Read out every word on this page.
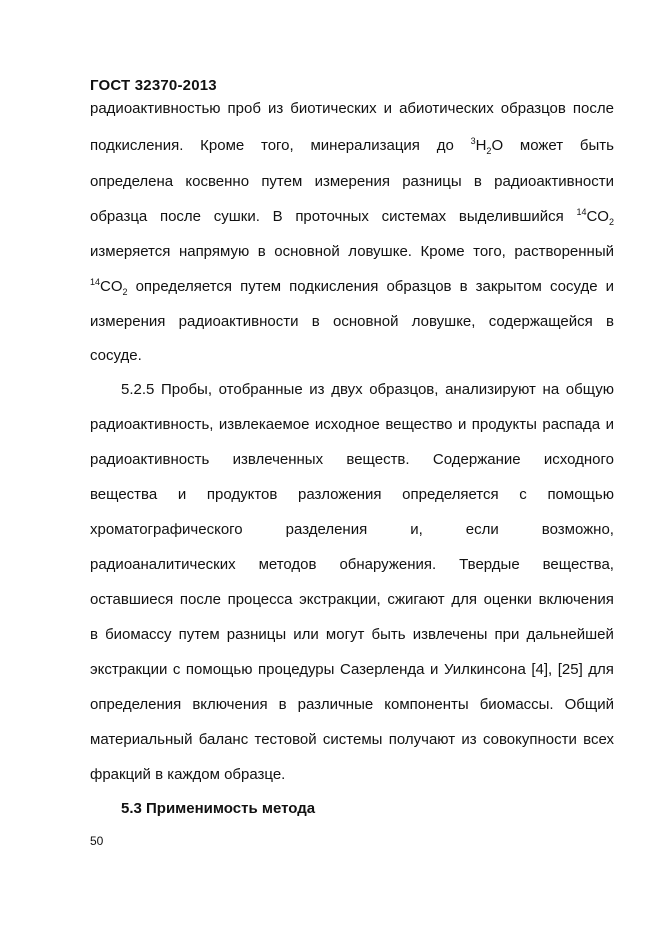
ГОСТ 32370-2013
радиоактивностью проб из биотических и абиотических образцов после
подкисления. Кроме того, минерализация до $^3H_2O$ может быть
определена косвенно путем измерения разницы в радиоактивности
образца после сушки. В проточных системах выделившийся $^{14}CO_2$
измеряется напрямую в основной ловушке. Кроме того, растворенный
$^{14}CO_2$ определяется путем подкисления образцов в закрытом сосуде и
измерения радиоактивности в основной ловушке, содержащейся в
сосуде.
5.2.5 Пробы, отобранные из двух образцов, анализируют на общую
радиоактивность, извлекаемое исходное вещество и продукты распада и
радиоактивность извлеченных веществ. Содержание исходного
вещества и продуктов разложения определяется с помощью
хроматографического	разделения	и,	если	возможно,
радиоаналитических методов обнаружения. Твердые вещества,
оставшиеся после процесса экстракции, сжигают для оценки включения
в биомассу путем разницы или могут быть извлечены при дальнейшей
экстракции с помощью процедуры Сазерленда и Уилкинсона [4], [25] для
определения включения в различные компоненты биомассы. Общий
материальный баланс тестовой системы получают из совокупности всех
фракций в каждом образце.
5.3 Применимость метода
50
